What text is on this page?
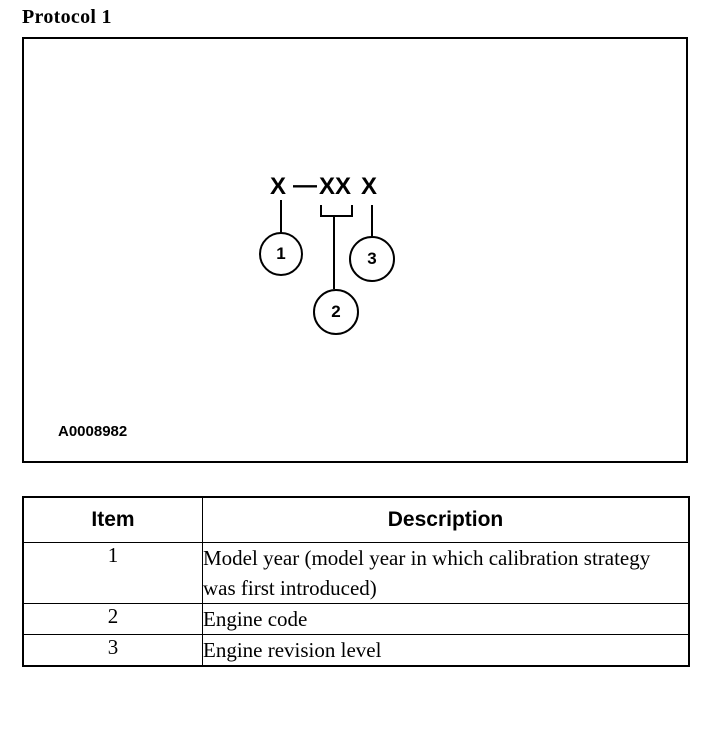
Protocol 1
X — XX X
1
2
3
A0008982
Item	Description
1	Model year (model year in which calibration strategy was first introduced)
2	Engine code
3	Engine revision level
